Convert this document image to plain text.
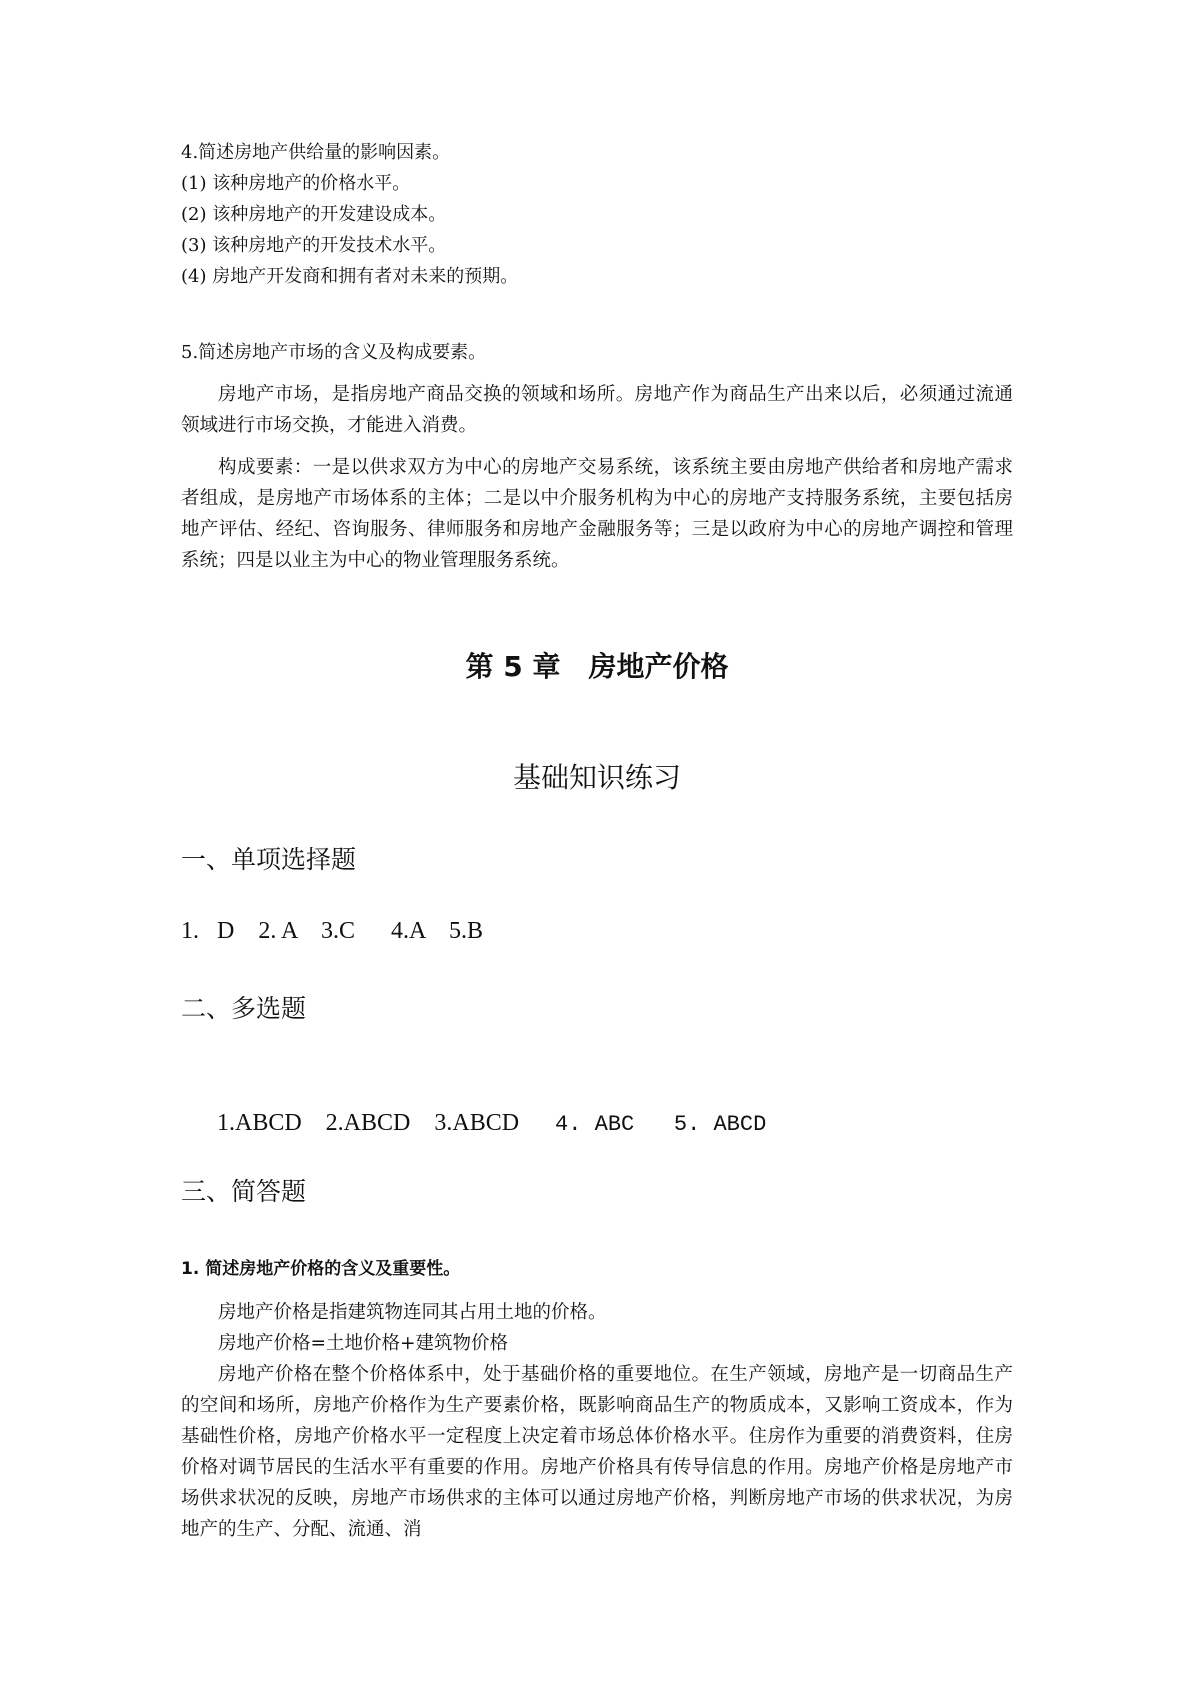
4.简述房地产供给量的影响因素。
(1) 该种房地产的价格水平。
(2) 该种房地产的开发建设成本。
(3) 该种房地产的开发技术水平。
(4) 房地产开发商和拥有者对未来的预期。
5.简述房地产市场的含义及构成要素。

房地产市场，是指房地产商品交换的领域和场所。房地产作为商品生产出来以后，必须通过流通领域进行市场交换，才能进入消费。

构成要素：一是以供求双方为中心的房地产交易系统，该系统主要由房地产供给者和房地产需求者组成，是房地产市场体系的主体；二是以中介服务机构为中心的房地产支持服务系统，主要包括房地产评估、经纪、咨询服务、律师服务和房地产金融服务等；三是以政府为中心的房地产调控和管理系统；四是以业主为中心的物业管理服务系统。

第 5 章 房地产价格
基础知识练习
一、单项选择题
1.   D    2. A    3.C      4.A    5.B
二、多选题

1.ABCD    2.ABCD    3.ABCD      4. ABC   5. ABCD

三、简答题
1. 简述房地产价格的含义及重要性。

房地产价格是指建筑物连同其占用土地的价格。

房地产价格=土地价格+建筑物价格

房地产价格在整个价格体系中，处于基础价格的重要地位。在生产领域，房地产是一切商品生产的空间和场所，房地产价格作为生产要素价格，既影响商品生产的物质成本，又影响工资成本，作为基础性价格，房地产价格水平一定程度上决定着市场总体价格水平。住房作为重要的消费资料，住房价格对调节居民的生活水平有重要的作用。房地产价格具有传导信息的作用。房地产价格是房地产市场供求状况的反映，房地产市场供求的主体可以通过房地产价格，判断房地产市场的供求状况，为房地产的生产、分配、流通、消
